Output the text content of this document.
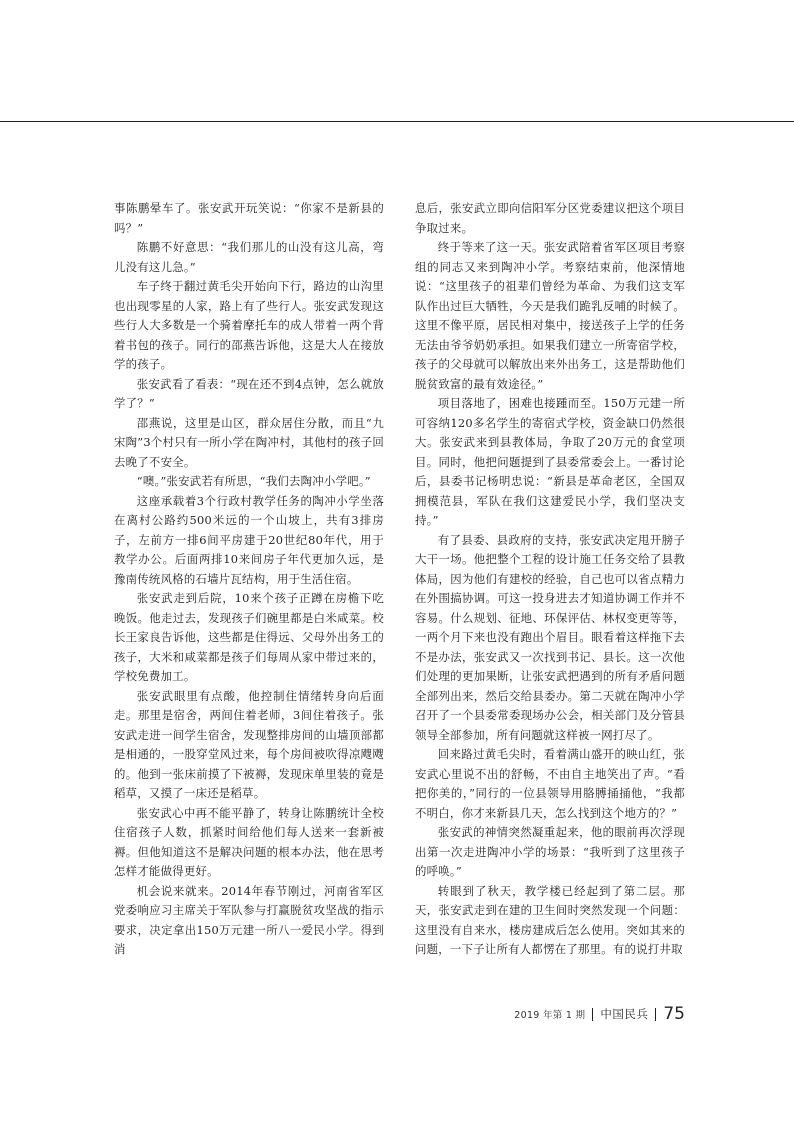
事陈鹏晕车了。张安武开玩笑说：“你家不是新县的吗？”

陈鹏不好意思：“我们那儿的山没有这儿高，弯儿没有这儿急。”

车子终于翻过黄毛尖开始向下行，路边的山沟里也出现零星的人家，路上有了些行人。张安武发现这些行人大多数是一个骑着摩托车的成人带着一两个背着书包的孩子。同行的邵燕告诉他，这是大人在接放学的孩子。

张安武看了看表：“现在还不到4点钟，怎么就放学了？”

邵燕说，这里是山区，群众居住分散，而且“九宋陶”3个村只有一所小学在陶冲村，其他村的孩子回去晚了不安全。

“噢。”张安武若有所思，“我们去陶冲小学吧。”

这座承载着3个行政村教学任务的陶冲小学坐落在离村公路约500米远的一个山坡上，共有3排房子，左前方一排6间平房建于20世纪80年代，用于教学办公。后面两排10来间房子年代更加久远，是豫南传统风格的石墙片瓦结构，用于生活住宿。

张安武走到后院，10来个孩子正蹲在房檐下吃晚饭。他走过去，发现孩子们碗里都是白米咸菜。校长王家良告诉他，这些都是住得远、父母外出务工的孩子，大米和咸菜都是孩子们每周从家中带过来的，学校免费加工。

张安武眼里有点酸，他控制住情绪转身向后面走。那里是宿舍，两间住着老师，3间住着孩子。张安武走进一间学生宿舍，发现整排房间的山墙顶部都是相通的，一股穿堂风过来，每个房间被吹得凉飕飕的。他到一张床前摸了下被褥，发现床单里装的竟是稻草，又摸了一床还是稻草。

张安武心中再不能平静了，转身让陈鹏统计全校住宿孩子人数，抓紧时间给他们每人送来一套新被褥。但他知道这不是解决问题的根本办法，他在思考怎样才能做得更好。

机会说来就来。2014年春节刚过，河南省军区党委响应习主席关于军队参与打赢脱贫攻坚战的指示要求，决定拿出150万元建一所八一爱民小学。得到消

息后，张安武立即向信阳军分区党委建议把这个项目争取过来。

终于等来了这一天。张安武陪着省军区项目考察组的同志又来到陶冲小学。考察结束前，他深情地说：“这里孩子的祖辈们曾经为革命、为我们这支军队作出过巨大牺牲，今天是我们跪乳反哺的时候了。这里不像平原，居民相对集中，接送孩子上学的任务无法由爷爷奶奶承担。如果我们建立一所寄宿学校，孩子的父母就可以解放出来外出务工，这是帮助他们脱贫致富的最有效途径。”

项目落地了，困难也接踵而至。150万元建一所可容纳120多名学生的寄宿式学校，资金缺口仍然很大。张安武来到县教体局，争取了20万元的食堂项目。同时，他把问题提到了县委常委会上。一番讨论后，县委书记杨明忠说：“新县是革命老区，全国双拥模范县，军队在我们这建爱民小学，我们坚决支持。”

有了县委、县政府的支持，张安武决定甩开膀子大干一场。他把整个工程的设计施工任务交给了县教体局，因为他们有建校的经验，自己也可以省点精力在外围搞协调。可这一投身进去才知道协调工作并不容易。什么规划、征地、环保评估、林权变更等等，一两个月下来也没有跑出个眉目。眼看着这样拖下去不是办法，张安武又一次找到书记、县长。这一次他们处理的更加果断，让张安武把遇到的所有矛盾问题全部列出来，然后交给县委办。第二天就在陶冲小学召开了一个县委常委现场办公会，相关部门及分管县领导全部参加，所有问题就这样被一网打尽了。

回来路过黄毛尖时，看着满山盛开的映山红，张安武心里说不出的舒畅，不由自主地笑出了声。“看把你美的，”同行的一位县领导用胳膊捅捅他，“我都不明白，你才来新县几天，怎么找到这个地方的？”

张安武的神情突然凝重起来，他的眼前再次浮现出第一次走进陶冲小学的场景：“我听到了这里孩子的呼唤。”

转眼到了秋天，教学楼已经起到了第二层。那天，张安武走到在建的卫生间时突然发现一个问题：这里没有自来水，楼房建成后怎么使用。突如其来的问题，一下子让所有人都愣在了那里。有的说打井取

2019 年第 1 期 中国民兵 75
